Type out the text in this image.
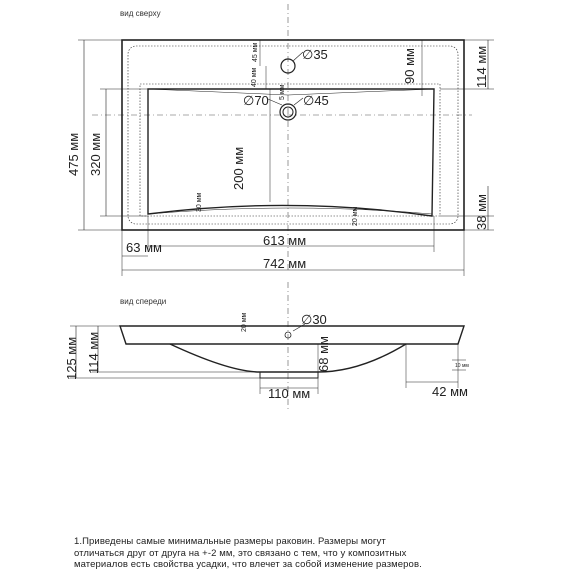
вид сверху
∅35
∅70	∅45
45 мм
40 мм
5 мм
90 мм
200 мм
30 мм
20 мм
114 мм
475 мм 320 мм
38 мм
63 мм	613 мм
742 мм
вид спереди
∅30
20 мм
125 мм 114 мм	68 мм	10 мм
110 мм	42 мм
1.Приведены самые минимальные размеры раковин. Размеры могут
отличаться друг от друга на +-2 мм, это связано с тем, что у композитных
материалов есть свойства усадки, что влечет за собой изменение размеров.
